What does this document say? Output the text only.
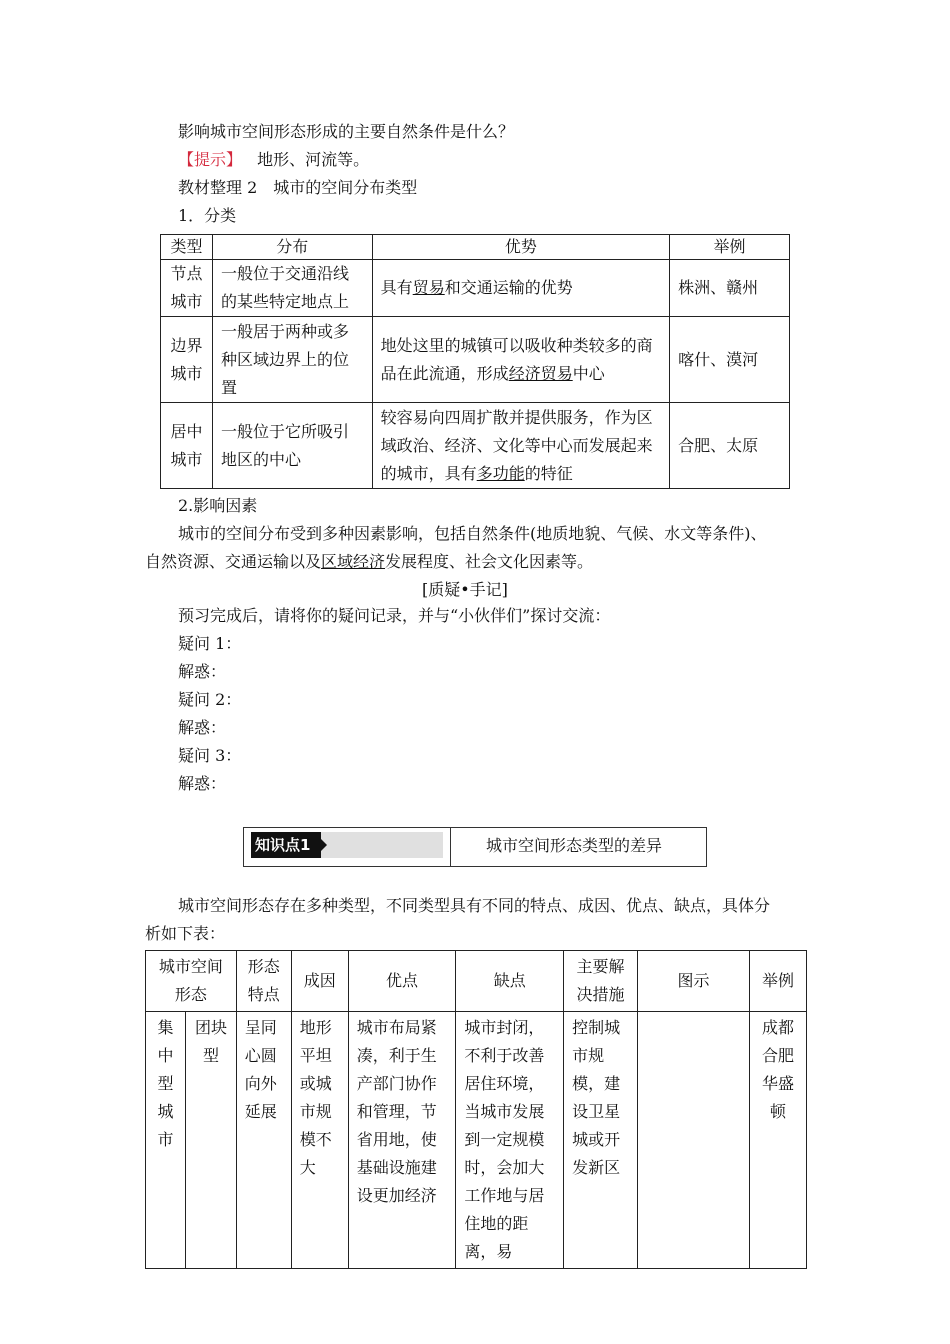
影响城市空间形态形成的主要自然条件是什么？
【提示】 地形、河流等。
教材整理 2　城市的空间分布类型
1．分类
类型	分布	优势	举例
节点城市	一般位于交通沿线的某些特定地点上	具有贸易和交通运输的优势	株洲、赣州
边界城市	一般居于两种或多种区域边界上的位置	地处这里的城镇可以吸收种类较多的商品在此流通，形成经济贸易中心	喀什、漠河
居中城市	一般位于它所吸引地区的中心	较容易向四周扩散并提供服务，作为区域政治、经济、文化等中心而发展起来的城市，具有多功能的特征	合肥、太原
2.影响因素
城市的空间分布受到多种因素影响，包括自然条件(地质地貌、气候、水文等条件)、
自然资源、交通运输以及区域经济发展程度、社会文化因素等。
[质疑•手记]
预习完成后，请将你的疑问记录，并与“小伙伴们”探讨交流：
疑问 1：
解惑：
疑问 2：
解惑：
疑问 3：
解惑：
知识点1	城市空间形态类型的差异
城市空间形态存在多种类型，不同类型具有不同的特点、成因、优点、缺点，具体分
析如下表：
城市空间形态		形态特点	成因	优点	缺点	主要解决措施	图示	举例
集中型城市	团块型	呈同心圆向外延展	地形平坦或城市规模不大	城市布局紧凑，利于生产部门协作和管理，节省用地，使基础设施建设更加经济	城市封闭，不利于改善居住环境，当城市发展到一定规模时，会加大工作地与居住地的距离，易	控制城市规模，建设卫星城或开发新区		成都合肥华盛顿
